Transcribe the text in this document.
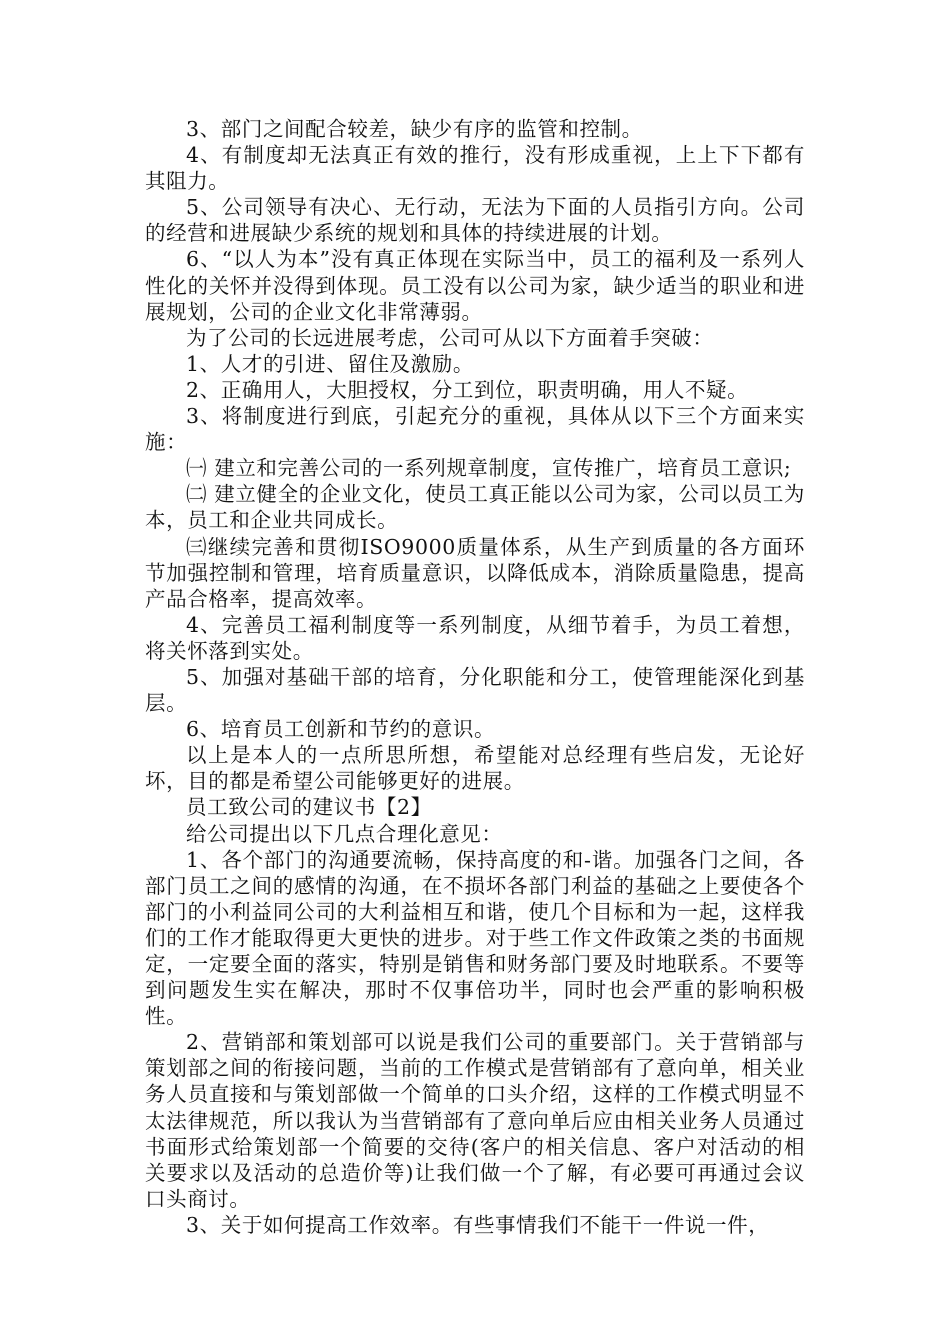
3、部门之间配合较差，缺少有序的监管和控制。

4、有制度却无法真正有效的推行，没有形成重视，上上下下都有其阻力。

5、公司领导有决心、无行动，无法为下面的人员指引方向。公司的经营和进展缺少系统的规划和具体的持续进展的计划。

6、“以人为本”没有真正体现在实际当中，员工的福利及一系列人性化的关怀并没得到体现。员工没有以公司为家，缺少适当的职业和进展规划，公司的企业文化非常薄弱。

为了公司的长远进展考虑，公司可从以下方面着手突破：

1、人才的引进、留住及激励。

2、正确用人，大胆授权，分工到位，职责明确，用人不疑。

3、将制度进行到底，引起充分的重视，具体从以下三个方面来实施：

㈠ 建立和完善公司的一系列规章制度，宣传推广，培育员工意识;

㈡ 建立健全的企业文化，使员工真正能以公司为家，公司以员工为本，员工和企业共同成长。

㈢继续完善和贯彻ISO9000质量体系，从生产到质量的各方面环节加强控制和管理，培育质量意识，以降低成本，消除质量隐患，提高产品合格率，提高效率。

4、完善员工福利制度等一系列制度，从细节着手，为员工着想，将关怀落到实处。

5、加强对基础干部的培育，分化职能和分工，使管理能深化到基层。

6、培育员工创新和节约的意识。

以上是本人的一点所思所想，希望能对总经理有些启发，无论好坏，目的都是希望公司能够更好的进展。

员工致公司的建议书【2】

给公司提出以下几点合理化意见：

1、各个部门的沟通要流畅，保持高度的和-谐。加强各门之间，各部门员工之间的感情的沟通，在不损坏各部门利益的基础之上要使各个部门的小利益同公司的大利益相互和谐，使几个目标和为一起，这样我们的工作才能取得更大更快的进步。对于些工作文件政策之类的书面规定，一定要全面的落实，特别是销售和财务部门要及时地联系。不要等到问题发生实在解决，那时不仅事倍功半，同时也会严重的影响积极性。

2、营销部和策划部可以说是我们公司的重要部门。关于营销部与策划部之间的衔接问题，当前的工作模式是营销部有了意向单，相关业务人员直接和与策划部做一个简单的口头介绍，这样的工作模式明显不太法律规范，所以我认为当营销部有了意向单后应由相关业务人员通过书面形式给策划部一个简要的交待(客户的相关信息、客户对活动的相关要求以及活动的总造价等)让我们做一个了解，有必要可再通过会议口头商讨。

3、关于如何提高工作效率。有些事情我们不能干一件说一件，
